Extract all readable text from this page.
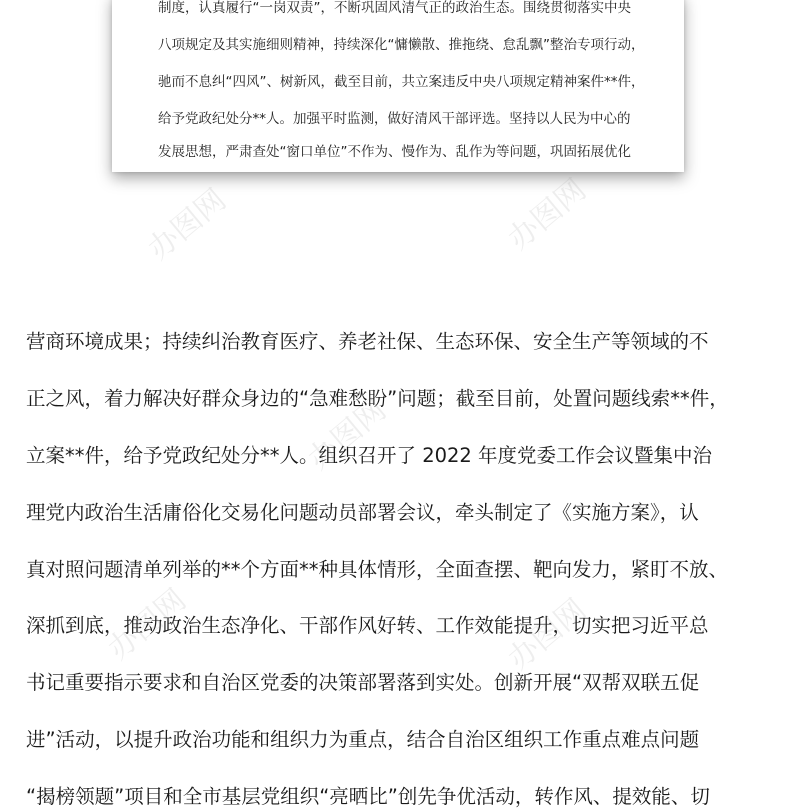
制度，认真履行“一岗双责”，不断巩固风清气正的政治生态。围绕贯彻落实中央
八项规定及其实施细则精神，持续深化“慵懒散、推拖绕、怠乱飘”整治专项行动，
驰而不息纠“四风”、树新风，截至目前，共立案违反中央八项规定精神案件**件，
给予党政纪处分**人。加强平时监测，做好清风干部评选。坚持以人民为中心的
发展思想，严肃查处“窗口单位”不作为、慢作为、乱作为等问题，巩固拓展优化
营商环境成果；持续纠治教育医疗、养老社保、生态环保、安全生产等领域的不
正之风，着力解决好群众身边的“急难愁盼”问题；截至目前，处置问题线索**件，
立案**件，给予党政纪处分**人。组织召开了 2022 年度党委工作会议暨集中治
理党内政治生活庸俗化交易化问题动员部署会议，牵头制定了《实施方案》，认
真对照问题清单列举的**个方面**种具体情形，全面查摆、靶向发力，紧盯不放、
深抓到底，推动政治生态净化、干部作风好转、工作效能提升，切实把习近平总
书记重要指示要求和自治区党委的决策部署落到实处。创新开展“双帮双联五促
进”活动，以提升政治功能和组织力为重点，结合自治区组织工作重点难点问题
“揭榜领题”项目和全市基层党组织“亮晒比”创先争优活动，转作风、提效能、切
办图网	办图网
办图网
办图网	办图网
